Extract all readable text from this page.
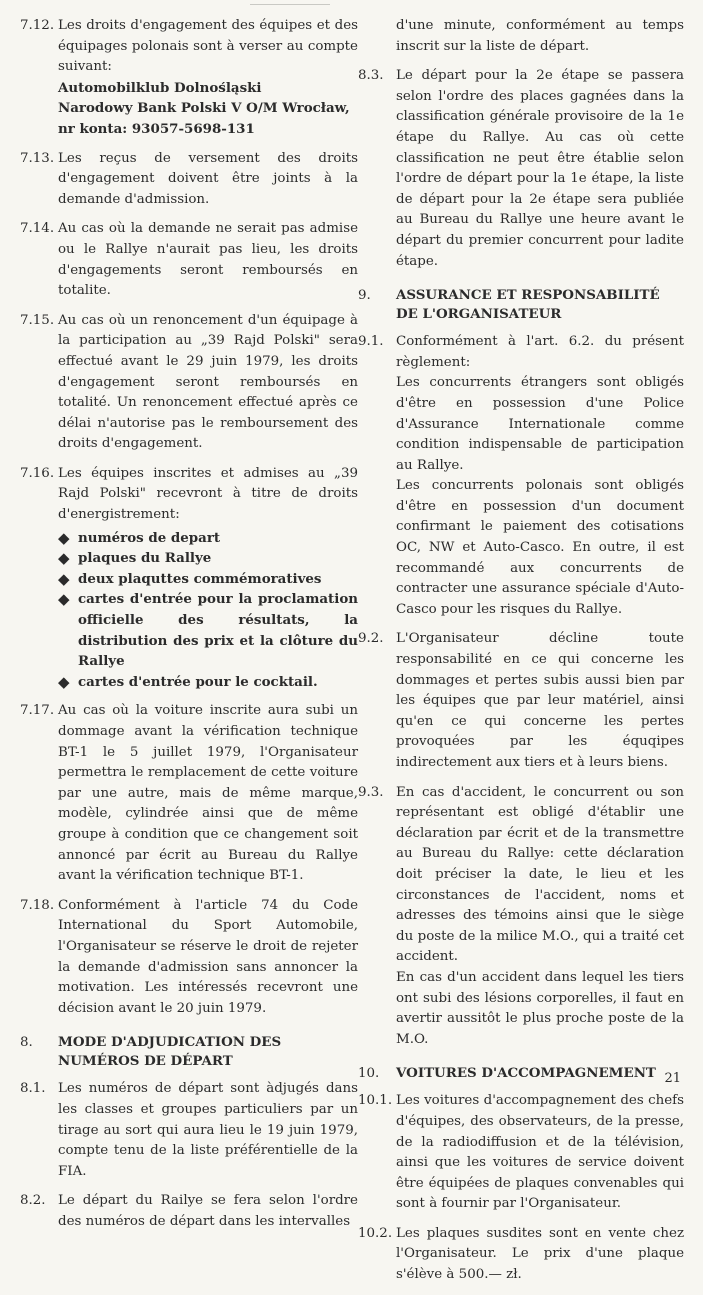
7.12. Les droits d'engagement des équipes et des équipages polonais sont à verser au compte suivant:
Automobilklub Dolnośląski
Narodowy Bank Polski V O/M Wrocław,
nr konta: 93057-5698-131
7.13. Les reçus de versement des droits d'engagement doivent être joints à la demande d'admission.
7.14. Au cas où la demande ne serait pas admise ou le Rallye n'aurait pas lieu, les droits d'engagements seront remboursés en totalite.
7.15. Au cas où un renoncement d'un équipage à la participation au „39 Rajd Polski" sera effectué avant le 29 juin 1979, les droits d'engagement seront remboursés en totalité. Un renoncement effectué après ce délai n'autorise pas le remboursement des droits d'engagement.
7.16. Les équipes inscrites et admises au „39 Rajd Polski" recevront à titre de droits d'energistrement:
◆ numéros de depart
◆ plaques du Rallye
◆ deux plaquttes commémoratives
◆ cartes d'entrée pour la proclamation officielle des résultats, la distribution des prix et la clôture du Rallye
◆ cartes d'entrée pour le cocktail.
7.17. Au cas où la voiture inscrite aura subi un dommage avant la vérification technique BT-1 le 5 juillet 1979, l'Organisateur permettra le remplacement de cette voiture par une autre, mais de même marque, modèle, cylindrée ainsi que de même groupe à condition que ce changement soit annoncé par écrit au Bureau du Rallye avant la vérification technique BT-1.
7.18. Conformément à l'article 74 du Code International du Sport Automobile, l'Organisateur se réserve le droit de rejeter la demande d'admission sans annoncer la motivation. Les intéressés recevront une décision avant le 20 juin 1979.
8.	MODE D'ADJUDICATION DES NUMÉROS DE DÉPART
8.1. Les numéros de départ sont àdjugés dans les classes et groupes particuliers par un tirage au sort qui aura lieu le 19 juin 1979, compte tenu de la liste préférentielle de la FIA.
8.2. Le départ du Railye se fera selon l'ordre des numéros de départ dans les intervalles
d'une minute, conformément au temps inscrit sur la liste de départ.
8.3. Le départ pour la 2e étape se passera selon l'ordre des places gagnées dans la classification générale provisoire de la 1e étape du Rallye. Au cas où cette classification ne peut être établie selon l'ordre de départ pour la 1e étape, la liste de départ pour la 2e étape sera publiée au Bureau du Rallye une heure avant le départ du premier concurrent pour ladite étape.
9.	ASSURANCE ET RESPONSABILITÉ DE L'ORGANISATEUR
9.1. Conformément à l'art. 6.2. du présent règlement:
Les concurrents étrangers sont obligés d'être en possession d'une Police d'Assurance Internationale comme condition indispensable de participation au Rallye.
Les concurrents polonais sont obligés d'être en possession d'un document confirmant le paiement des cotisations OC, NW et Auto-Casco. En outre, il est recommandé aux concurrents de contracter une assurance spéciale d'Auto-Casco pour les risques du Rallye.
9.2. L'Organisateur décline toute responsabilité en ce qui concerne les dommages et pertes subis aussi bien par les équipes que par leur matériel, ainsi qu'en ce qui concerne les pertes provoquées par les équqipes indirectement aux tiers et à leurs biens.
9.3. En cas d'accident, le concurrent ou son représentant est obligé d'établir une déclaration par écrit et de la transmettre au Bureau du Rallye: cette déclaration doit préciser la date, le lieu et les circonstances de l'accident, noms et adresses des témoins ainsi que le siège du poste de la milice M.O., qui a traité cet accident.
En cas d'un accident dans lequel les tiers ont subi des lésions corporelles, il faut en avertir aussitôt le plus proche poste de la M.O.
10.	VOITURES D'ACCOMPAGNEMENT
10.1. Les voitures d'accompagnement des chefs d'équipes, des observateurs, de la presse, de la radiodiffusion et de la télévision, ainsi que les voitures de service doivent être équipées de plaques convenables qui sont à fournir par l'Organisateur.
10.2. Les plaques susdites sont en vente chez l'Organisateur. Le prix d'une plaque s'élève à 500.— zł.
21
